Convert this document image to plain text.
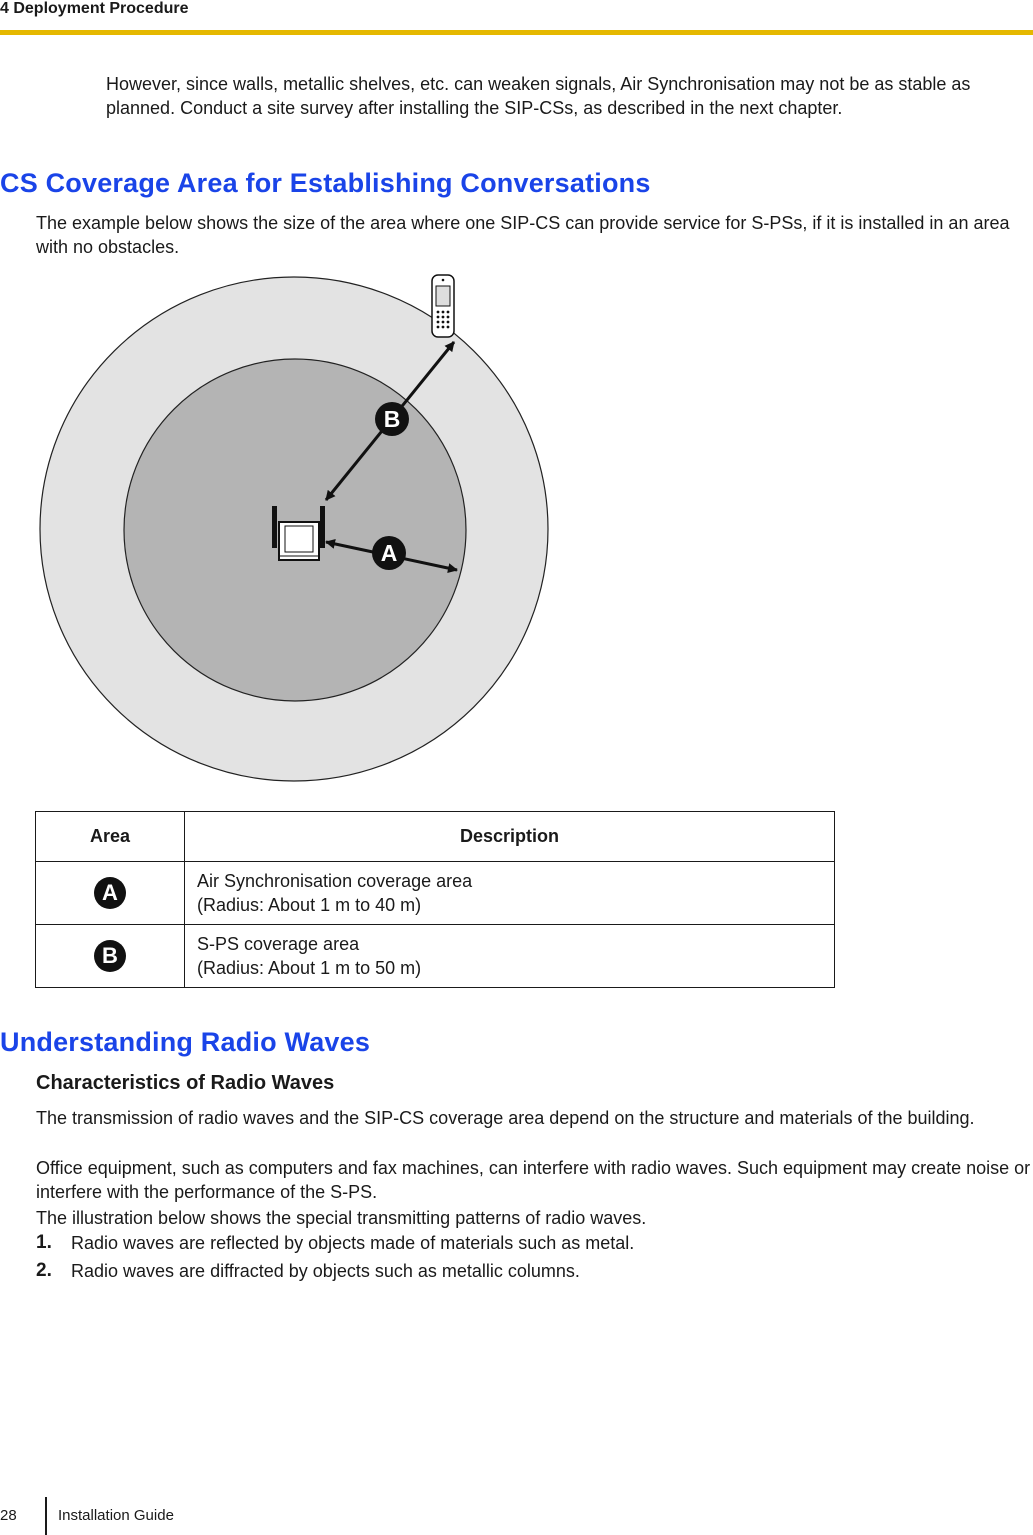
4 Deployment Procedure

However, since walls, metallic shelves, etc. can weaken signals, Air Synchronisation may not be as stable as planned. Conduct a site survey after installing the SIP-CSs, as described in the next chapter.

CS Coverage Area for Establishing Conversations

The example below shows the size of the area where one SIP-CS can provide service for S-PSs, if it is installed in an area with no obstacles.

B
A
Area	Description
A	Air Synchronisation coverage area
(Radius: About 1 m to 40 m)

B	S-PS coverage area
(Radius: About 1 m to 50 m)
Understanding Radio Waves
Characteristics of Radio Waves

The transmission of radio waves and the SIP-CS coverage area depend on the structure and materials of the building.

Office equipment, such as computers and fax machines, can interfere with radio waves. Such equipment may create noise or interfere with the performance of the S-PS.

The illustration below shows the special transmitting patterns of radio waves.

1.	Radio waves are reflected by objects made of materials such as metal.
2.	Radio waves are diffracted by objects such as metallic columns.
28	Installation Guide
